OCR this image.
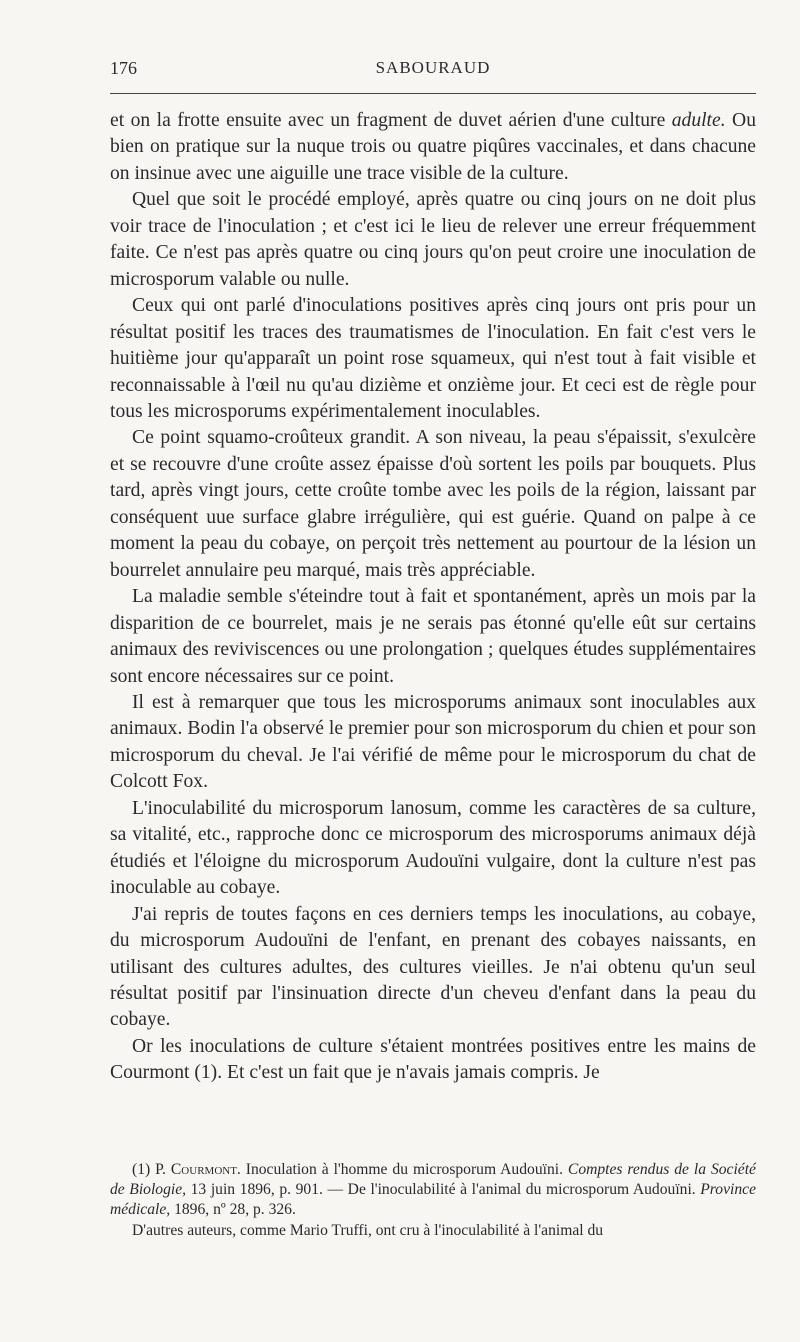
176	SABOURAUD

et on la frotte ensuite avec un fragment de duvet aérien d'une culture adulte. Ou bien on pratique sur la nuque trois ou quatre piqûres vaccinales, et dans chacune on insinue avec une aiguille une trace visible de la culture.

Quel que soit le procédé employé, après quatre ou cinq jours on ne doit plus voir trace de l'inoculation ; et c'est ici le lieu de relever une erreur fréquemment faite. Ce n'est pas après quatre ou cinq jours qu'on peut croire une inoculation de microsporum valable ou nulle.

Ceux qui ont parlé d'inoculations positives après cinq jours ont pris pour un résultat positif les traces des traumatismes de l'inoculation. En fait c'est vers le huitième jour qu'apparaît un point rose squameux, qui n'est tout à fait visible et reconnaissable à l'œil nu qu'au dizième et onzième jour. Et ceci est de règle pour tous les microsporums expérimentalement inoculables.

Ce point squamo-croûteux grandit. A son niveau, la peau s'épaissit, s'exulcère et se recouvre d'une croûte assez épaisse d'où sortent les poils par bouquets. Plus tard, après vingt jours, cette croûte tombe avec les poils de la région, laissant par conséquent uue surface glabre irrégulière, qui est guérie. Quand on palpe à ce moment la peau du cobaye, on perçoit très nettement au pourtour de la lésion un bourrelet annulaire peu marqué, mais très appréciable.

La maladie semble s'éteindre tout à fait et spontanément, après un mois par la disparition de ce bourrelet, mais je ne serais pas étonné qu'elle eût sur certains animaux des reviviscences ou une prolongation ; quelques études supplémentaires sont encore nécessaires sur ce point.

Il est à remarquer que tous les microsporums animaux sont inoculables aux animaux. Bodin l'a observé le premier pour son microsporum du chien et pour son microsporum du cheval. Je l'ai vérifié de même pour le microsporum du chat de Colcott Fox.

L'inoculabilité du microsporum lanosum, comme les caractères de sa culture, sa vitalité, etc., rapproche donc ce microsporum des microsporums animaux déjà étudiés et l'éloigne du microsporum Audouïni vulgaire, dont la culture n'est pas inoculable au cobaye.

J'ai repris de toutes façons en ces derniers temps les inoculations, au cobaye, du microsporum Audouïni de l'enfant, en prenant des cobayes naissants, en utilisant des cultures adultes, des cultures vieilles. Je n'ai obtenu qu'un seul résultat positif par l'insinuation directe d'un cheveu d'enfant dans la peau du cobaye.

Or les inoculations de culture s'étaient montrées positives entre les mains de Courmont (1). Et c'est un fait que je n'avais jamais compris. Je

(1) P. Courmont. Inoculation à l'homme du microsporum Audouïni. Comptes rendus de la Société de Biologie, 13 juin 1896, p. 901. — De l'inoculabilité à l'animal du microsporum Audouïni. Province médicale, 1896, nº 28, p. 326.

D'autres auteurs, comme Mario Truffi, ont cru à l'inoculabilité à l'animal du
